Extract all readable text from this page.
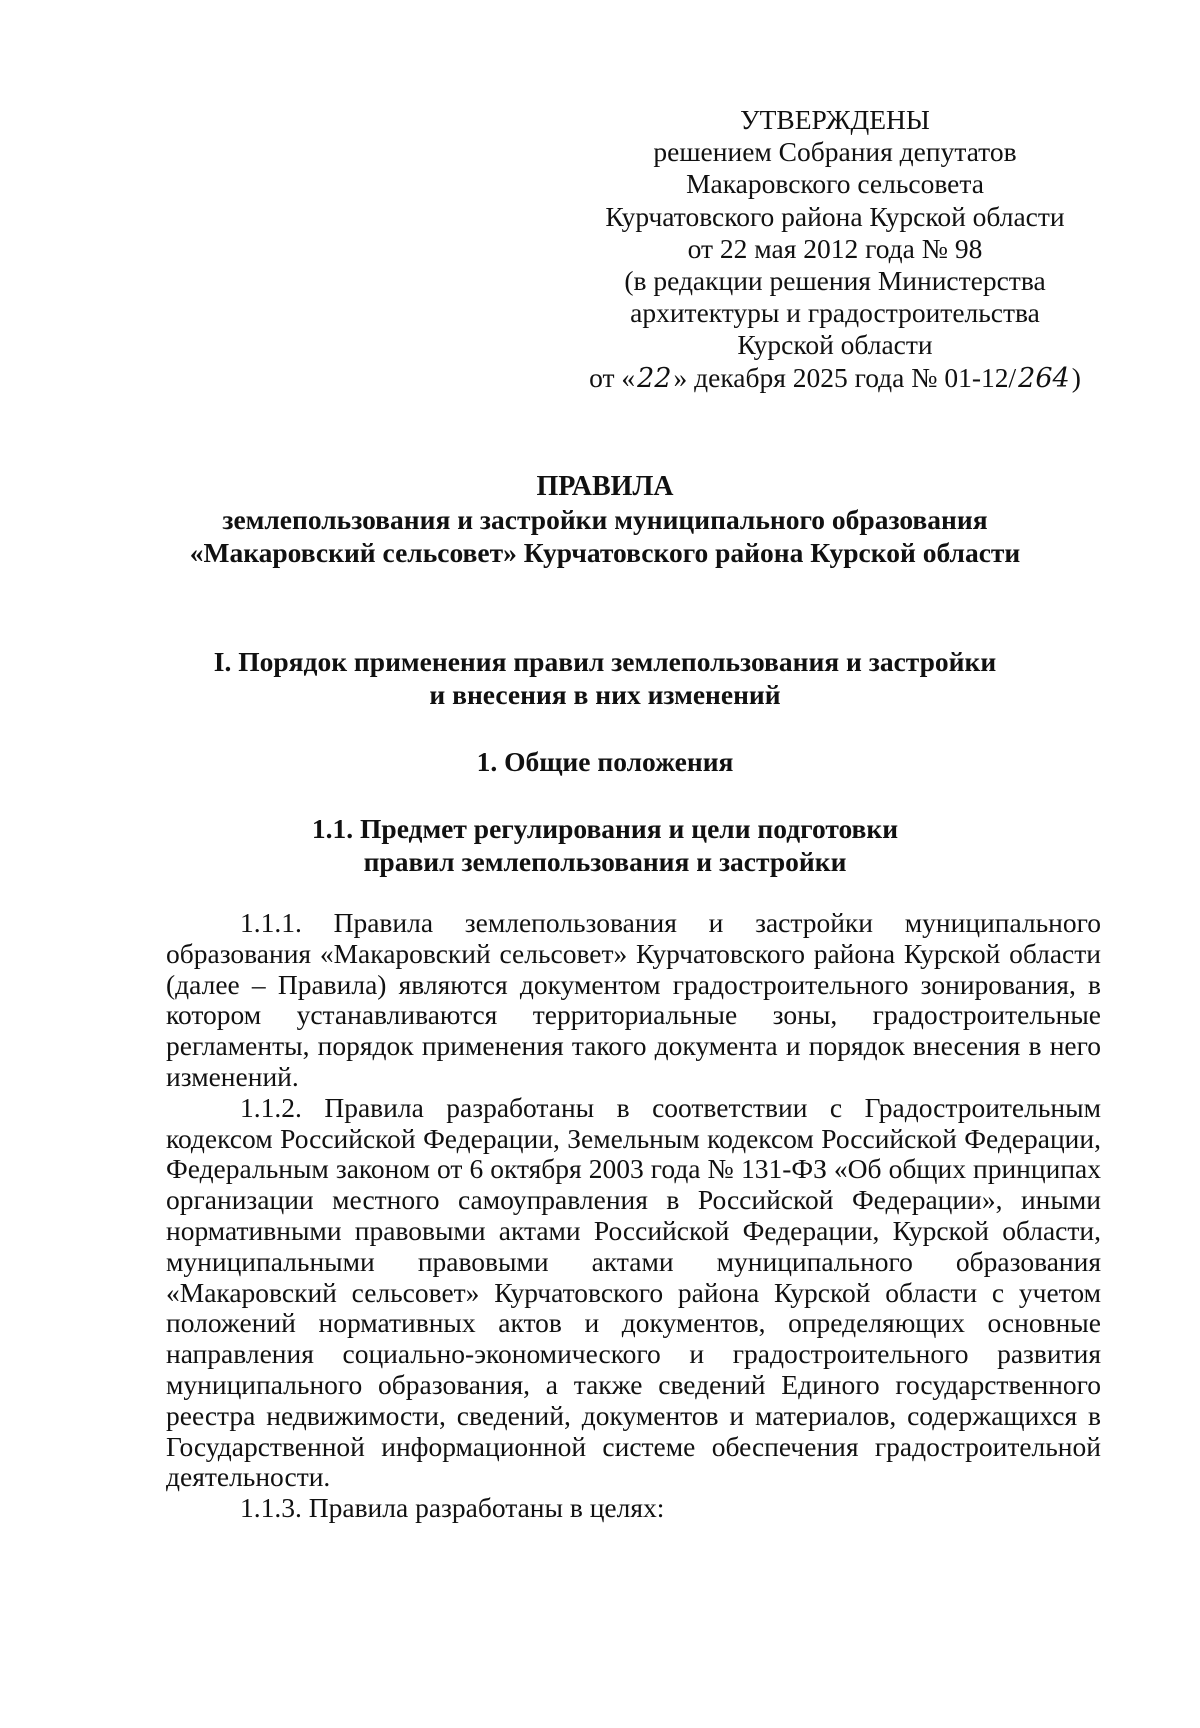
УТВЕРЖДЕНЫ
решением Собрания депутатов
Макаровского сельсовета
Курчатовского района Курской области
от 22 мая 2012 года № 98
(в редакции решения Министерства
архитектуры и градостроительства
Курской области
от «22» декабря 2025 года № 01-12/264)
ПРАВИЛА
землепользования и застройки муниципального образования
«Макаровский сельсовет» Курчатовского района Курской области
I. Порядок применения правил землепользования и застройки
и внесения в них изменений
1. Общие положения
1.1. Предмет регулирования и цели подготовки
правил землепользования и застройки

1.1.1. Правила землепользования и застройки муниципального образования «Макаровский сельсовет» Курчатовского района Курской области (далее – Правила) являются документом градостроительного зонирования, в котором устанавливаются территориальные зоны, градостроительные регламенты, порядок применения такого документа и порядок внесения в него изменений.

1.1.2. Правила разработаны в соответствии с Градостроительным кодексом Российской Федерации, Земельным кодексом Российской Федерации, Федеральным законом от 6 октября 2003 года № 131-ФЗ «Об общих принципах организации местного самоуправления в Российской Федерации», иными нормативными правовыми актами Российской Федерации, Курской области, муниципальными правовыми актами муниципального образования «Макаровский сельсовет» Курчатовского района Курской области с учетом положений нормативных актов и документов, определяющих основные направления социально-экономического и градостроительного развития муниципального образования, а также сведений Единого государственного реестра недвижимости, сведений, документов и материалов, содержащихся в Государственной информационной системе обеспечения градостроительной деятельности.

1.1.3. Правила разработаны в целях:
